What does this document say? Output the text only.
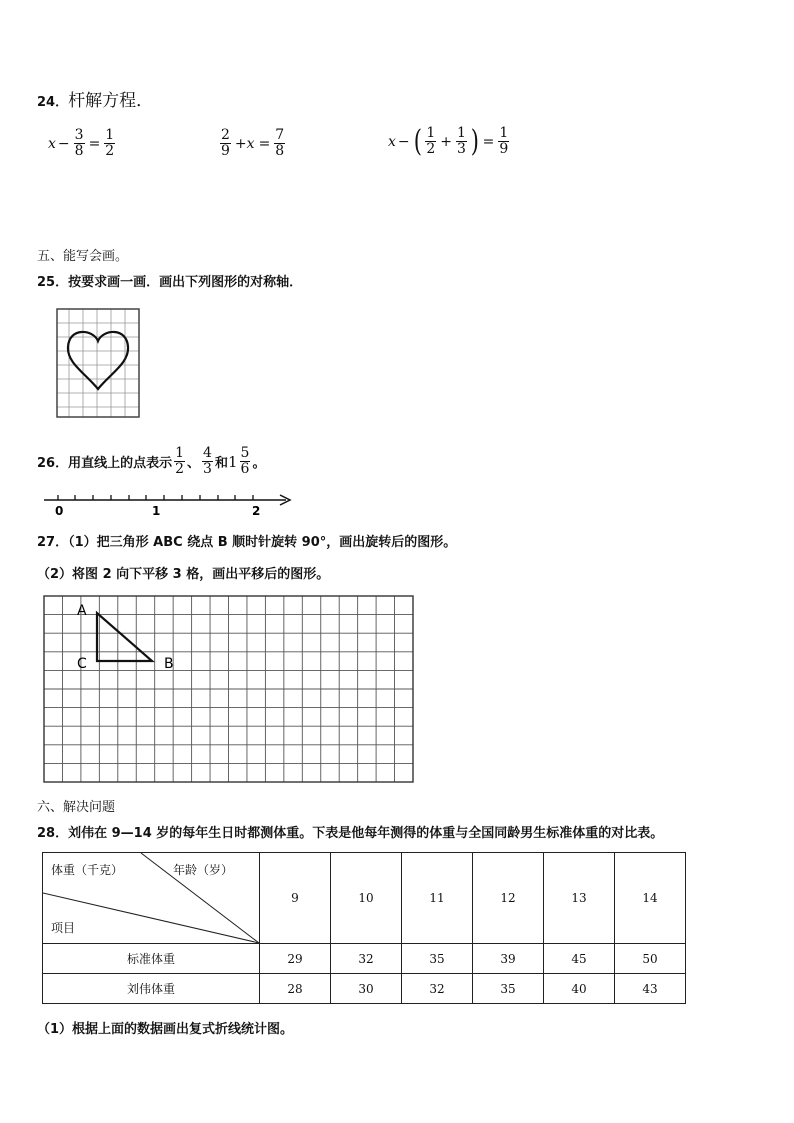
24．杆解方程．
$x - \frac{3}{8} = \frac{1}{2}$	$\frac{2}{9} +x = \frac{7}{8}$	x − ( $\frac{1}{2} + \frac{1}{3}$ ) = $\frac{1}{9}$
五、能写会画。
25．按要求画一画．画出下列图形的对称轴．
26．用直线上的点表示 $\frac{1}{2}$ 、 $\frac{4}{3}$ 和 $1 \frac{5}{6}$ 。
0	1	2
27．（1）把三角形 ABC 绕点 B 顺时针旋转 90°，画出旋转后的图形。
（2）将图 2 向下平移 3 格，画出平移后的图形。
A
C	B
六、解决问题
28．刘伟在 9—14 岁的每年生日时都测体重。下表是他每年测得的体重与全国同龄男生标准体重的对比表。
体重（千克） 年龄（岁）
项目	9	10	11	12	13	14
标准体重	29	32	35	39	45	50
刘伟体重	28	30	32	35	40	43
（1）根据上面的数据画出复式折线统计图。
